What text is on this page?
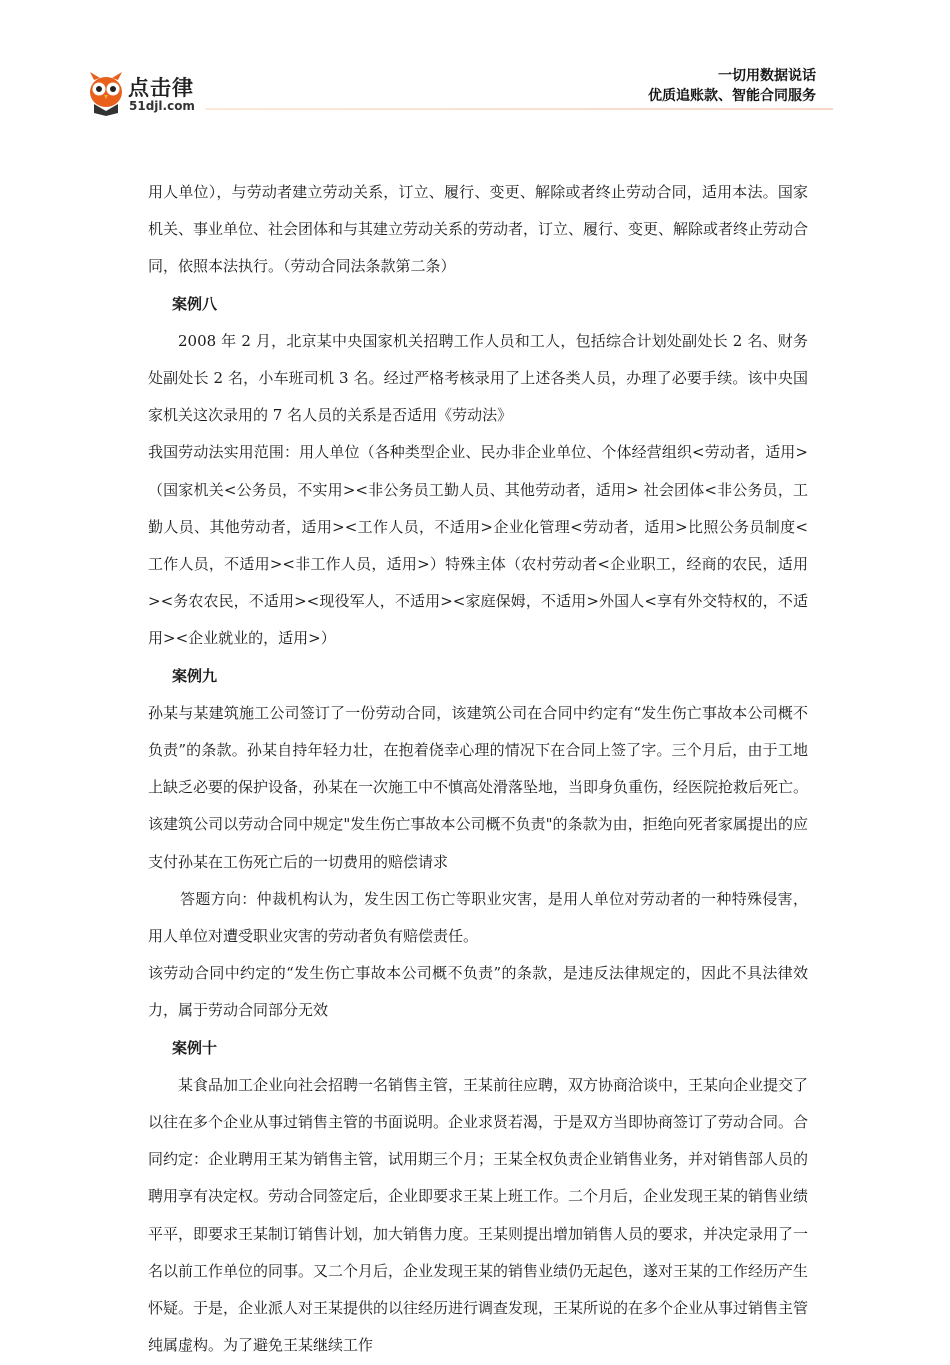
点击律
51djl.com
一切用数据说话
优质追账款、智能合同服务

用人单位），与劳动者建立劳动关系，订立、履行、变更、解除或者终止劳动合同，适用本法。国家机关、事业单位、社会团体和与其建立劳动关系的劳动者，订立、履行、变更、解除或者终止劳动合同，依照本法执行。（劳动合同法条款第二条）

案例八

2008 年 2 月，北京某中央国家机关招聘工作人员和工人，包括综合计划处副处长 2 名、财务处副处长 2 名，小车班司机 3 名。经过严格考核录用了上述各类人员，办理了必要手续。该中央国家机关这次录用的 7 名人员的关系是否适用《劳动法》

我国劳动法实用范围：用人单位（各种类型企业、民办非企业单位、个体经营组织<劳动者，适用>（国家机关<公务员，不实用><非公务员工勤人员、其他劳动者，适用> 社会团体<非公务员，工勤人员、其他劳动者，适用><工作人员，不适用>企业化管理<劳动者，适用>比照公务员制度<工作人员，不适用><非工作人员，适用>）特殊主体（农村劳动者<企业职工，经商的农民，适用><务农农民，不适用><现役军人，不适用><家庭保姆，不适用>外国人<享有外交特权的，不适用><企业就业的，适用>）

案例九

孙某与某建筑施工公司签订了一份劳动合同，该建筑公司在合同中约定有“发生伤亡事故本公司概不负责”的条款。孙某自持年轻力壮，在抱着侥幸心理的情况下在合同上签了字。三个月后，由于工地上缺乏必要的保护设备，孙某在一次施工中不慎高处滑落坠地，当即身负重伤，经医院抢救后死亡。该建筑公司以劳动合同中规定"发生伤亡事故本公司概不负责"的条款为由，拒绝向死者家属提出的应支付孙某在工伤死亡后的一切费用的赔偿请求

答题方向：仲裁机构认为，发生因工伤亡等职业灾害，是用人单位对劳动者的一种特殊侵害，用人单位对遭受职业灾害的劳动者负有赔偿责任。

该劳动合同中约定的“发生伤亡事故本公司概不负责”的条款，是违反法律规定的，因此不具法律效力，属于劳动合同部分无效

案例十

某食品加工企业向社会招聘一名销售主管，王某前往应聘，双方协商洽谈中，王某向企业提交了以往在多个企业从事过销售主管的书面说明。企业求贤若渴，于是双方当即协商签订了劳动合同。合同约定：企业聘用王某为销售主管，试用期三个月；王某全权负责企业销售业务，并对销售部人员的聘用享有决定权。劳动合同签定后，企业即要求王某上班工作。二个月后，企业发现王某的销售业绩平平，即要求王某制订销售计划，加大销售力度。王某则提出增加销售人员的要求，并决定录用了一名以前工作单位的同事。又二个月后，企业发现王某的销售业绩仍无起色，遂对王某的工作经历产生怀疑。于是，企业派人对王某提供的以往经历进行调查发现，王某所说的在多个企业从事过销售主管纯属虚构。为了避免王某继续工作
